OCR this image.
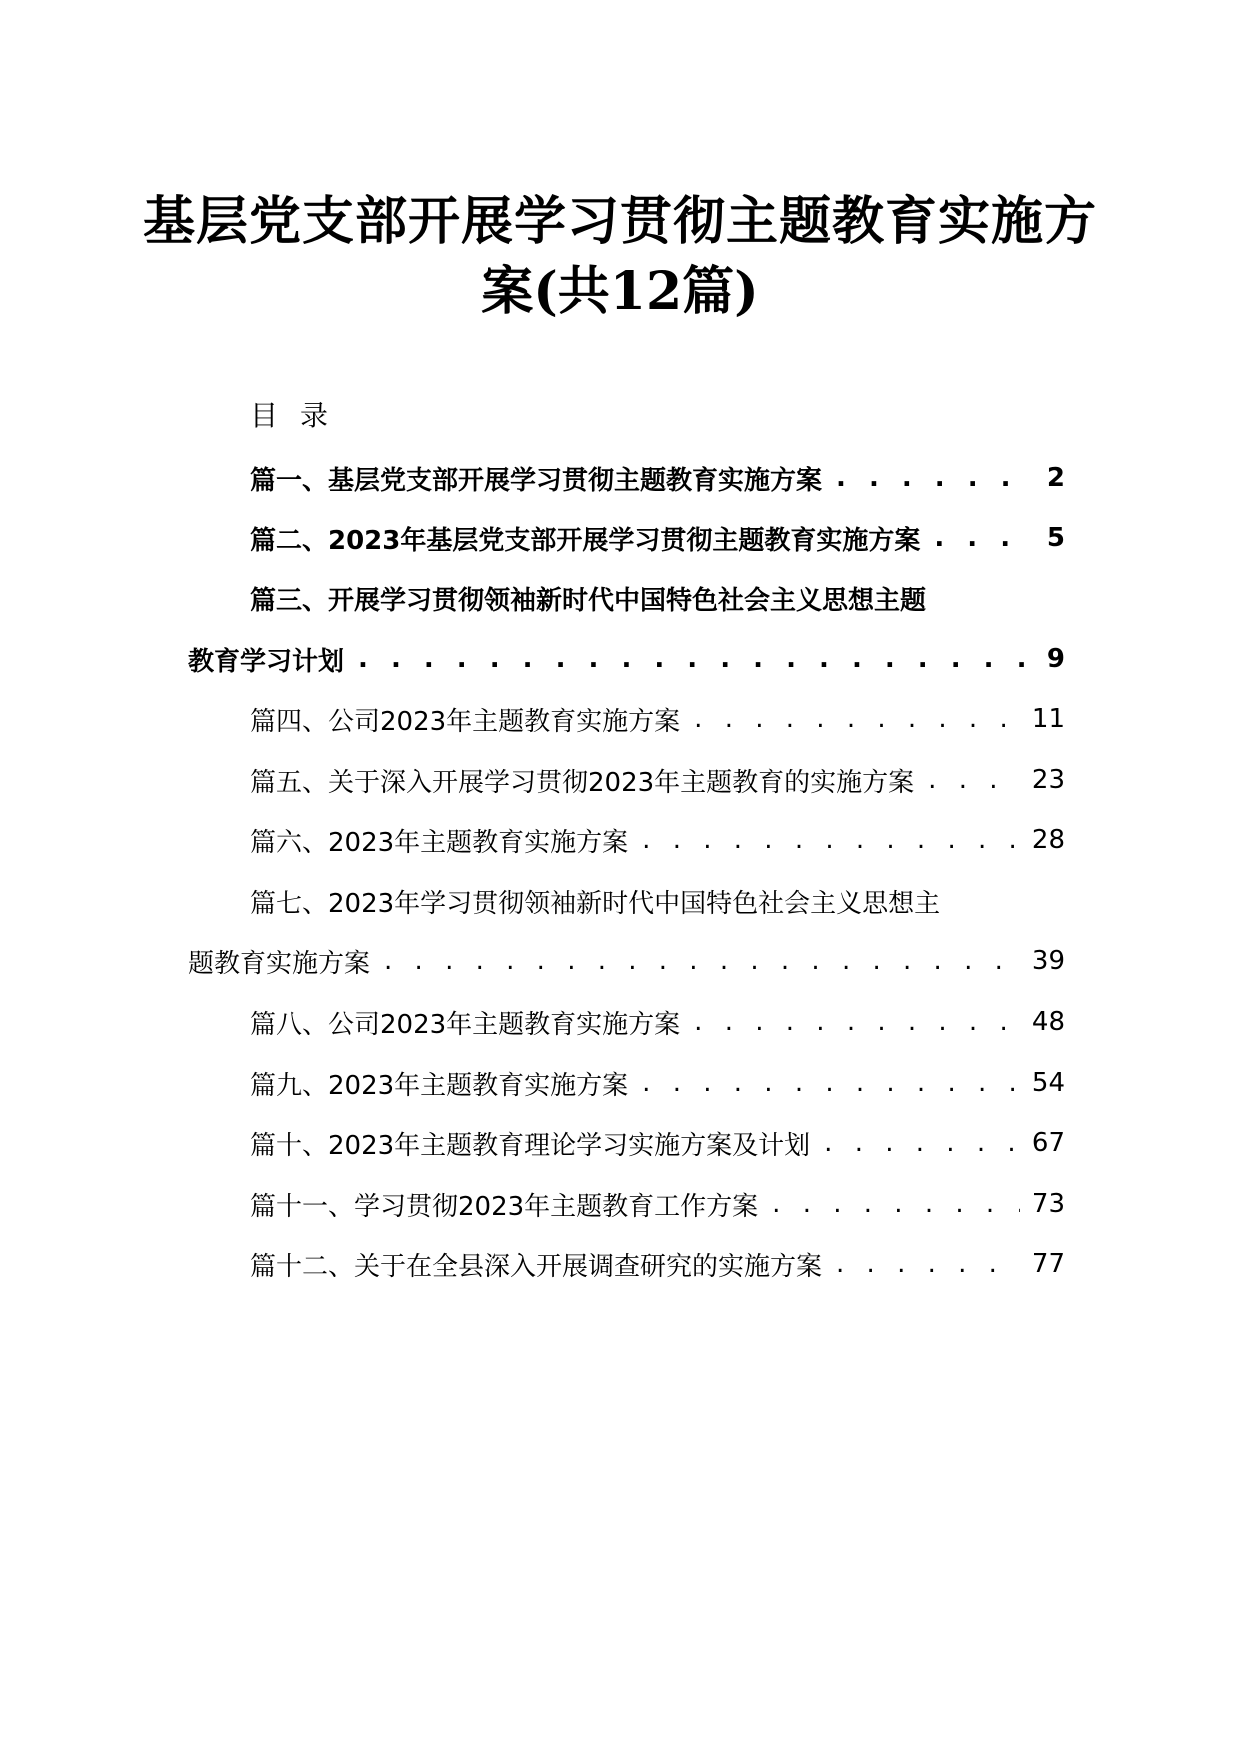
基层党支部开展学习贯彻主题教育实施方
案(共12篇)
目录
篇一、基层党支部开展学习贯彻主题教育实施方案 . . .	2
篇二、2023年基层党支部开展学习贯彻主题教育实施方案 . . .	5
篇三、开展学习贯彻领袖新时代中国特色社会主义思想主题
教育学习计划 . . .	9
篇四、公司2023年主题教育实施方案 . . .	11
篇五、关于深入开展学习贯彻2023年主题教育的实施方案 . . .	23
篇六、2023年主题教育实施方案 . . .	28
篇七、2023年学习贯彻领袖新时代中国特色社会主义思想主
题教育实施方案 . . .	39
篇八、公司2023年主题教育实施方案 . . .	48
篇九、2023年主题教育实施方案 . . .	54
篇十、2023年主题教育理论学习实施方案及计划 . . .	67
篇十一、学习贯彻2023年主题教育工作方案 . . .	73
篇十二、关于在全县深入开展调查研究的实施方案 . . .	77
